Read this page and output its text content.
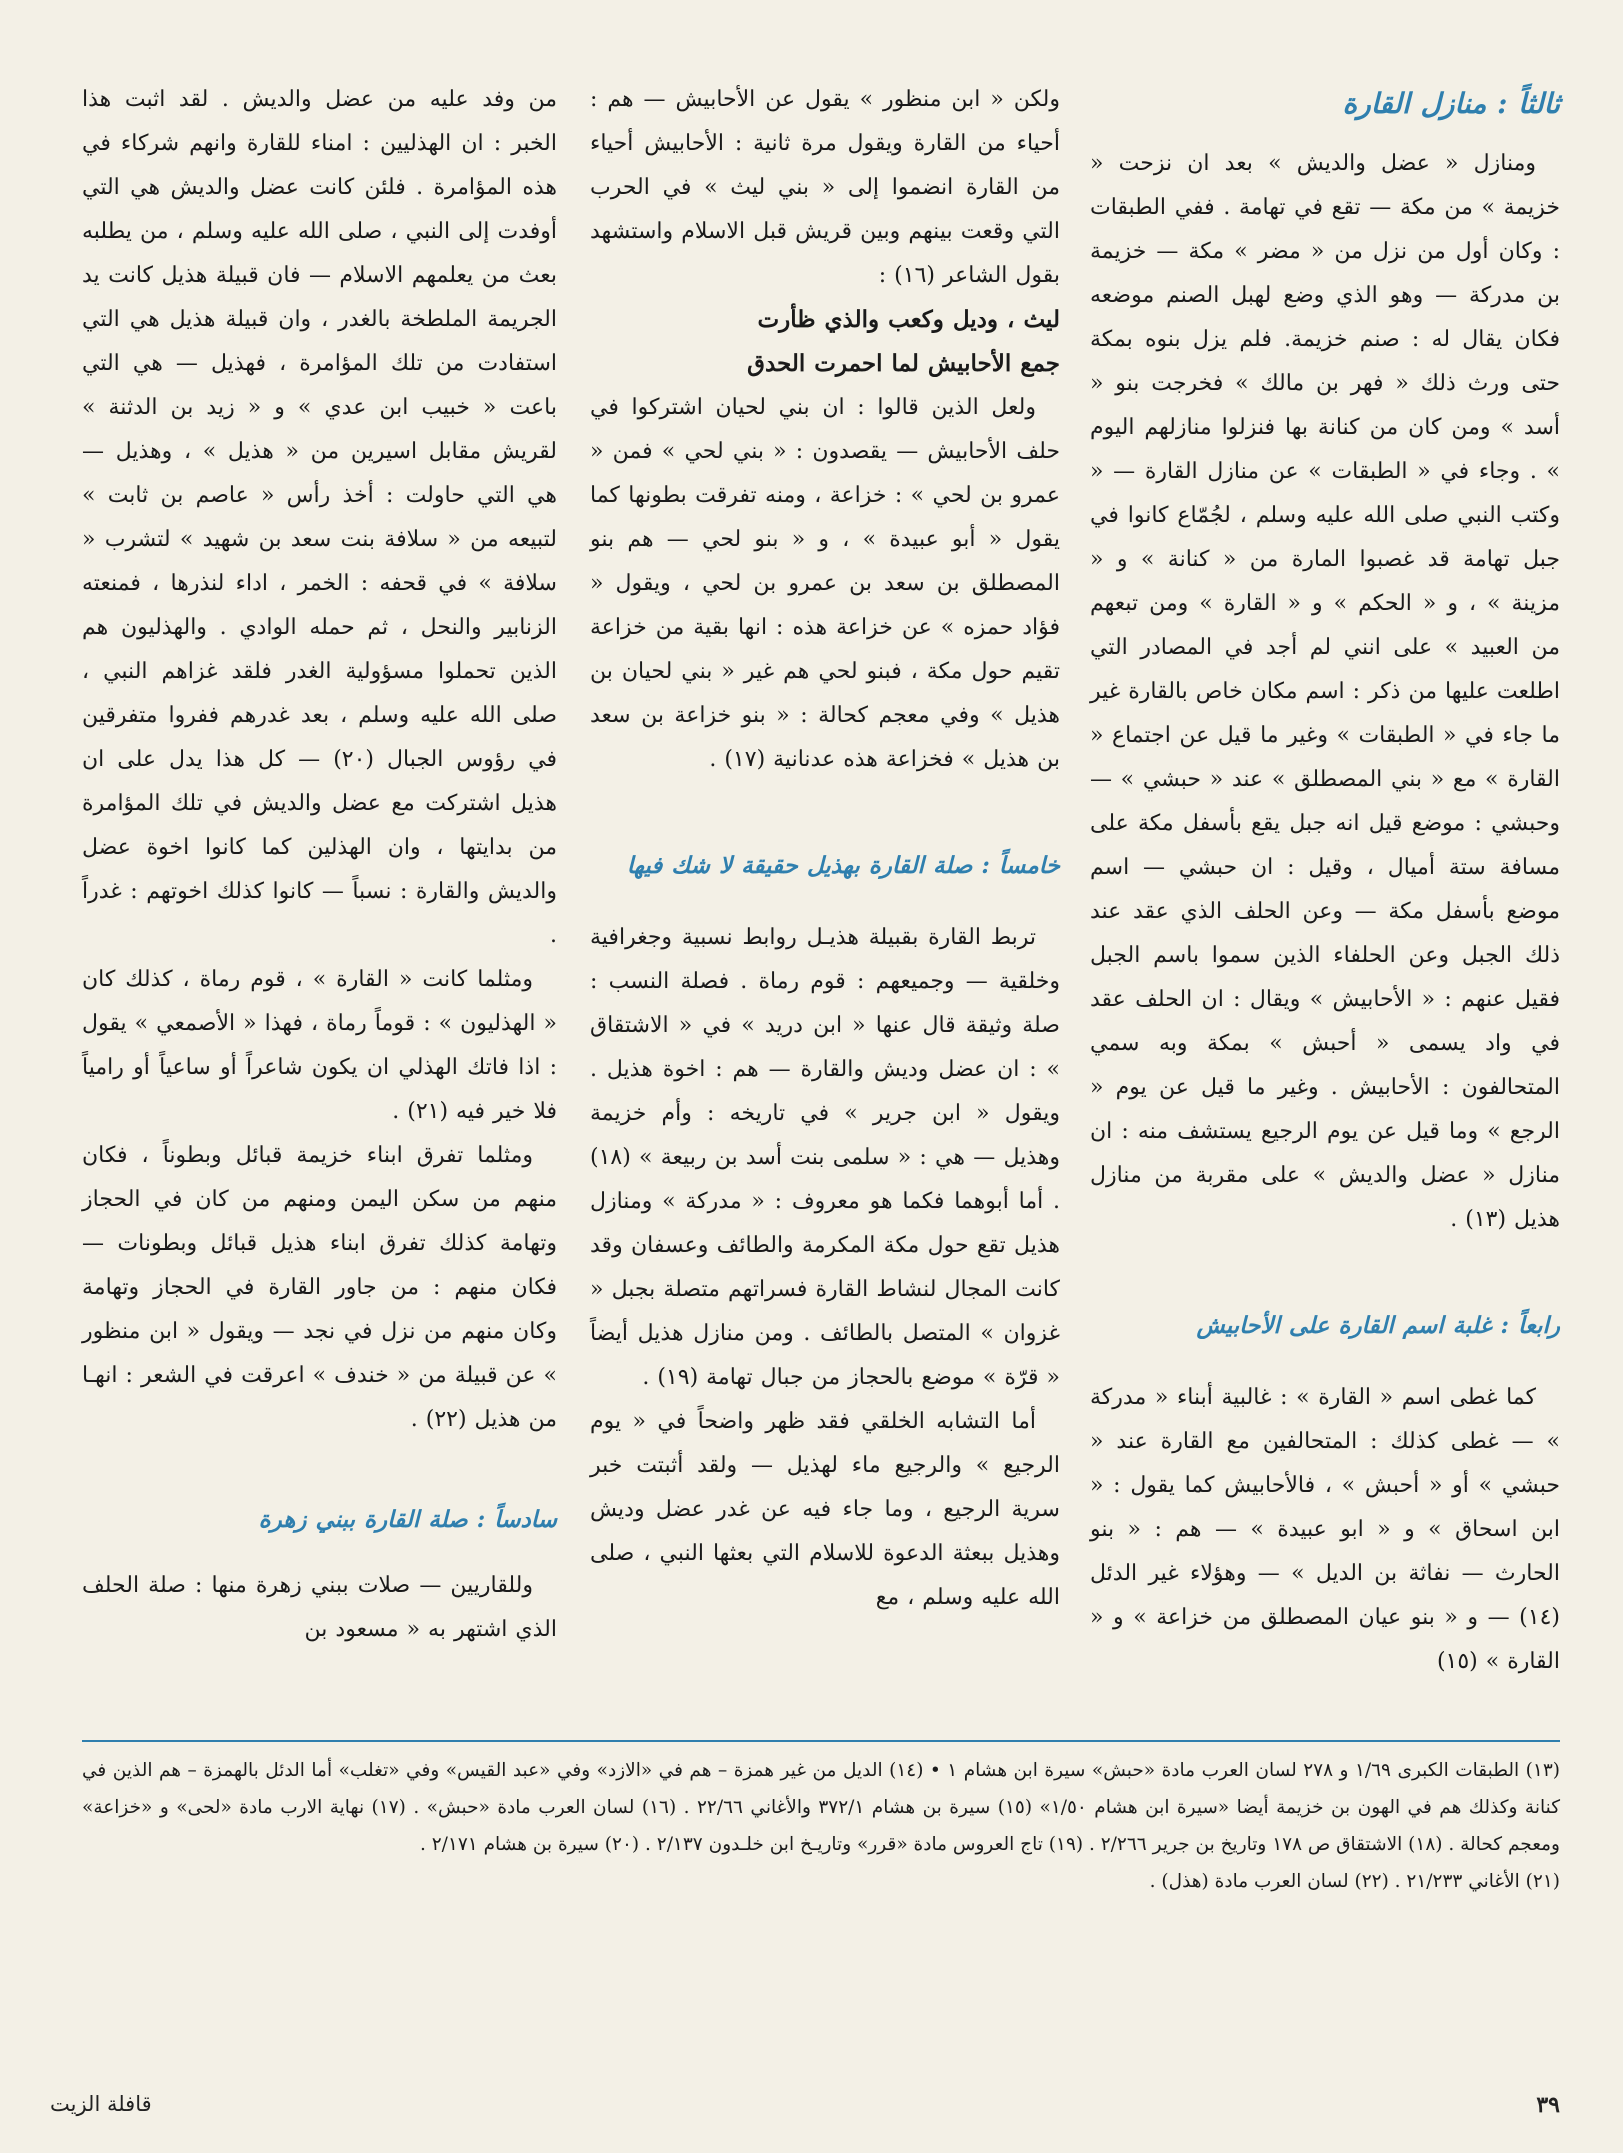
ثالثاً : منازل القارة

ومنازل « عضل والديش » بعد ان نزحت « خزيمة » من مكة — تقع في تهامة . ففي الطبقات : وكان أول من نزل من « مضر » مكة — خزيمة بن مدركة — وهو الذي وضع لهبل الصنم موضعه فكان يقال له : صنم خزيمة. فلم يزل بنوه بمكة حتى ورث ذلك « فهر بن مالك » فخرجت بنو « أسد » ومن كان من كنانة بها فنزلوا منازلهم اليوم » . وجاء في « الطبقات » عن منازل القارة — « وكتب النبي صلى الله عليه وسلم ، لجُمّاع كانوا في جبل تهامة قد غصبوا المارة من « كنانة » و « مزينة » ، و « الحكم » و « القارة » ومن تبعهم من العبيد » على انني لم أجد في المصادر التي اطلعت عليها من ذكر : اسم مكان خاص بالقارة غير ما جاء في « الطبقات » وغير ما قيل عن اجتماع « القارة » مع « بني المصطلق » عند « حبشي » — وحبشي : موضع قيل انه جبل يقع بأسفل مكة على مسافة ستة أميال ، وقيل : ان حبشي — اسم موضع بأسفل مكة — وعن الحلف الذي عقد عند ذلك الجبل وعن الحلفاء الذين سموا باسم الجبل فقيل عنهم : « الأحابيش » ويقال : ان الحلف عقد في واد يسمى « أحبش » بمكة وبه سمي المتحالفون : الأحابيش . وغير ما قيل عن يوم « الرجع » وما قيل عن يوم الرجيع يستشف منه : ان منازل « عضل والديش » على مقربة من منازل هذيل (١٣) .

رابعاً : غلبة اسم القارة على الأحابيش

كما غطى اسم « القارة » : غالبية أبناء « مدركة » — غطى كذلك : المتحالفين مع القارة عند « حبشي » أو « أحبش » ، فالأحابيش كما يقول : « ابن اسحاق » و « ابو عبيدة » — هم : « بنو الحارث — نفاثة بن الديل » — وهؤلاء غير الدئل (١٤) — و « بنو عيان المصطلق من خزاعة » و « القارة » (١٥)

ولكن « ابن منظور » يقول عن الأحابيش — هم : أحياء من القارة ويقول مرة ثانية : الأحابيش أحياء من القارة انضموا إلى « بني ليث » في الحرب التي وقعت بينهم وبين قريش قبل الاسلام واستشهد بقول الشاعر (١٦) :

ليث ، وديل وكعب والذي ظأرت
جمع الأحابيش لما احمرت الحدق

ولعل الذين قالوا : ان بني لحيان اشتركوا في حلف الأحابيش — يقصدون : « بني لحي » فمن « عمرو بن لحي » : خزاعة ، ومنه تفرقت بطونها كما يقول « أبو عبيدة » ، و « بنو لحي — هم بنو المصطلق بن سعد بن عمرو بن لحي ، ويقول « فؤاد حمزه » عن خزاعة هذه : انها بقية من خزاعة تقيم حول مكة ، فبنو لحي هم غير « بني لحيان بن هذيل » وفي معجم كحالة : « بنو خزاعة بن سعد بن هذيل » فخزاعة هذه عدنانية (١٧) .

خامساً : صلة القارة بهذيل حقيقة لا شك فيها

تربط القارة بقبيلة هذيـل روابط نسبية وجغرافية وخلقية — وجميعهم : قوم رماة . فصلة النسب : صلة وثيقة قال عنها « ابن دريد » في « الاشتقاق » : ان عضل وديش والقارة — هم : اخوة هذيل . ويقول « ابن جرير » في تاريخه : وأم خزيمة وهذيل — هي : « سلمى بنت أسد بن ربيعة » (١٨) . أما أبوهما فكما هو معروف : « مدركة » ومنازل هذيل تقع حول مكة المكرمة والطائف وعسفان وقد كانت المجال لنشاط القارة فسراتهم متصلة بجبل « غزوان » المتصل بالطائف . ومن منازل هذيل أيضاً « قرّة » موضع بالحجاز من جبال تهامة (١٩) .

أما التشابه الخلقي فقد ظهر واضحاً في « يوم الرجيع » والرجيع ماء لهذيل — ولقد أثبتت خبر سرية الرجيع ، وما جاء فيه عن غدر عضل وديش وهذيل ببعثة الدعوة للاسلام التي بعثها النبي ، صلى الله عليه وسلم ، مع

من وفد عليه من عضل والديش . لقد اثبت هذا الخبر : ان الهذليين : امناء للقارة وانهم شركاء في هذه المؤامرة . فلئن كانت عضل والديش هي التي أوفدت إلى النبي ، صلى الله عليه وسلم ، من يطلبه بعث من يعلمهم الاسلام — فان قبيلة هذيل كانت يد الجريمة الملطخة بالغدر ، وان قبيلة هذيل هي التي استفادت من تلك المؤامرة ، فهذيل — هي التي باعت « خبيب ابن عدي » و « زيد بن الدثنة » لقريش مقابل اسيرين من « هذيل » ، وهذيل — هي التي حاولت : أخذ رأس « عاصم بن ثابت » لتبيعه من « سلافة بنت سعد بن شهيد » لتشرب « سلافة » في قحفه : الخمر ، اداء لنذرها ، فمنعته الزنابير والنحل ، ثم حمله الوادي . والهذليون هم الذين تحملوا مسؤولية الغدر فلقد غزاهم النبي ، صلى الله عليه وسلم ، بعد غدرهم ففروا متفرقين في رؤوس الجبال (٢٠) — كل هذا يدل على ان هذيل اشتركت مع عضل والديش في تلك المؤامرة من بدايتها ، وان الهذلين كما كانوا اخوة عضل والديش والقارة : نسباً — كانوا كذلك اخوتهم : غدراً .

ومثلما كانت « القارة » ، قوم رماة ، كذلك كان « الهذليون » : قوماً رماة ، فهذا « الأصمعي » يقول : اذا فاتك الهذلي ان يكون شاعراً أو ساعياً أو رامياً فلا خير فيه (٢١) .

ومثلما تفرق ابناء خزيمة قبائل وبطوناً ، فكان منهم من سكن اليمن ومنهم من كان في الحجاز وتهامة كذلك تفرق ابناء هذيل قبائل وبطونات — فكان منهم : من جاور القارة في الحجاز وتهامة وكان منهم من نزل في نجد — ويقول « ابن منظور » عن قبيلة من « خندف » اعرقت في الشعر : انهـا من هذيل (٢٢) .

سادساً : صلة القارة ببني زهرة

وللقاريين — صلات ببني زهرة منها : صلة الحلف الذي اشتهر به « مسعود بن

(١٣) الطبقات الكبرى ١/٦٩ و ٢٧٨ لسان العرب مادة «حبش» سيرة ابن هشام ١ • (١٤) الديل من غير همزة – هم في «الازد» وفي «عبد القيس» وفي «تغلب» أما الدئل بالهمزة – هم الذين في كنانة وكذلك هم في الهون بن خزيمة أيضا «سيرة ابن هشام ١/٥٠» (١٥) سيرة بن هشام ٣٧٢/١ والأغاني ٢٢/٦٦ . (١٦) لسان العرب مادة «حبش» . (١٧) نهاية الارب مادة «لحى» و «خزاعة» ومعجم كحالة . (١٨) الاشتقاق ص ١٧٨ وتاريخ بن جرير ٢/٢٦٦ . (١٩) تاج العروس مادة «قرر» وتاريـخ ابن خلـدون ٢/١٣٧ . (٢٠) سيرة بن هشام ٢/١٧١ .

(٢١) الأغاني ٢١/٢٣٣ . (٢٢) لسان العرب مادة (هذل) .

٣٩
قافلة الزيت
